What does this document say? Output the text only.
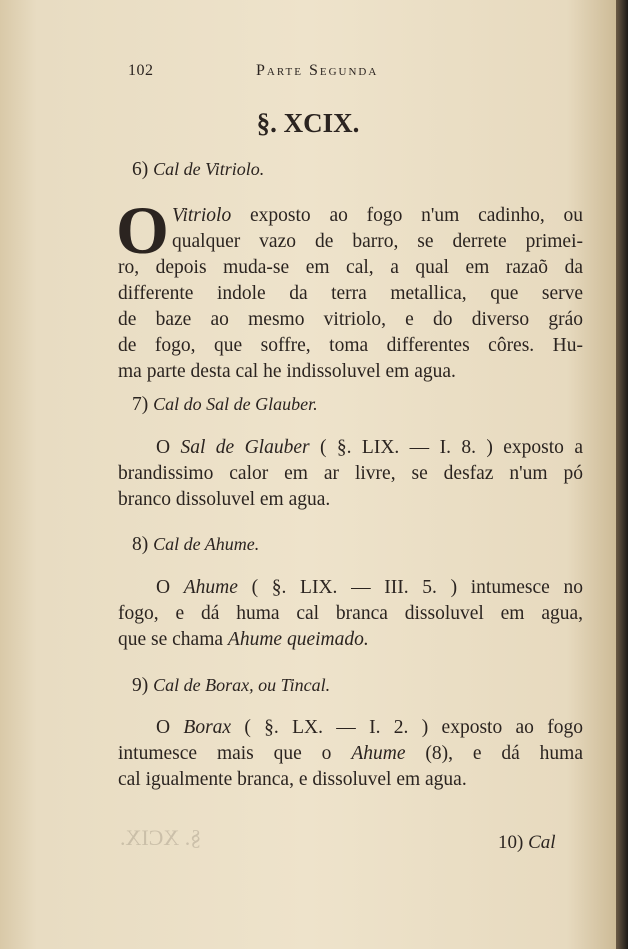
102	Parte Segunda
§. XCIX.
6) Cal de Vitriolo.
O Vitriolo exposto ao fogo n'um cadinho, ou
qualquer vazo de barro, se derrete primei-
ro, depois muda-se em cal, a qual em razaõ da
differente indole da terra metallica, que serve
de baze ao mesmo vitriolo, e do diverso gráo
de fogo, que soffre, toma differentes côres. Hu-
ma parte desta cal he indissoluvel em agua.
7) Cal do Sal de Glauber.
O Sal de Glauber ( §. LIX. — I. 8. ) exposto a
brandissimo calor em ar livre, se desfaz n'um pó
branco dissoluvel em agua.
8) Cal de Ahume.
O Ahume ( §. LIX. — III. 5. ) intumesce no
fogo, e dá huma cal branca dissoluvel em agua,
que se chama Ahume queimado.
9) Cal de Borax, ou Tincal.
O Borax ( §. LX. — I. 2. ) exposto ao fogo
intumesce mais que o Ahume (8), e dá huma
cal igualmente branca, e dissoluvel em agua.
§. XCIX.	10) Cal
